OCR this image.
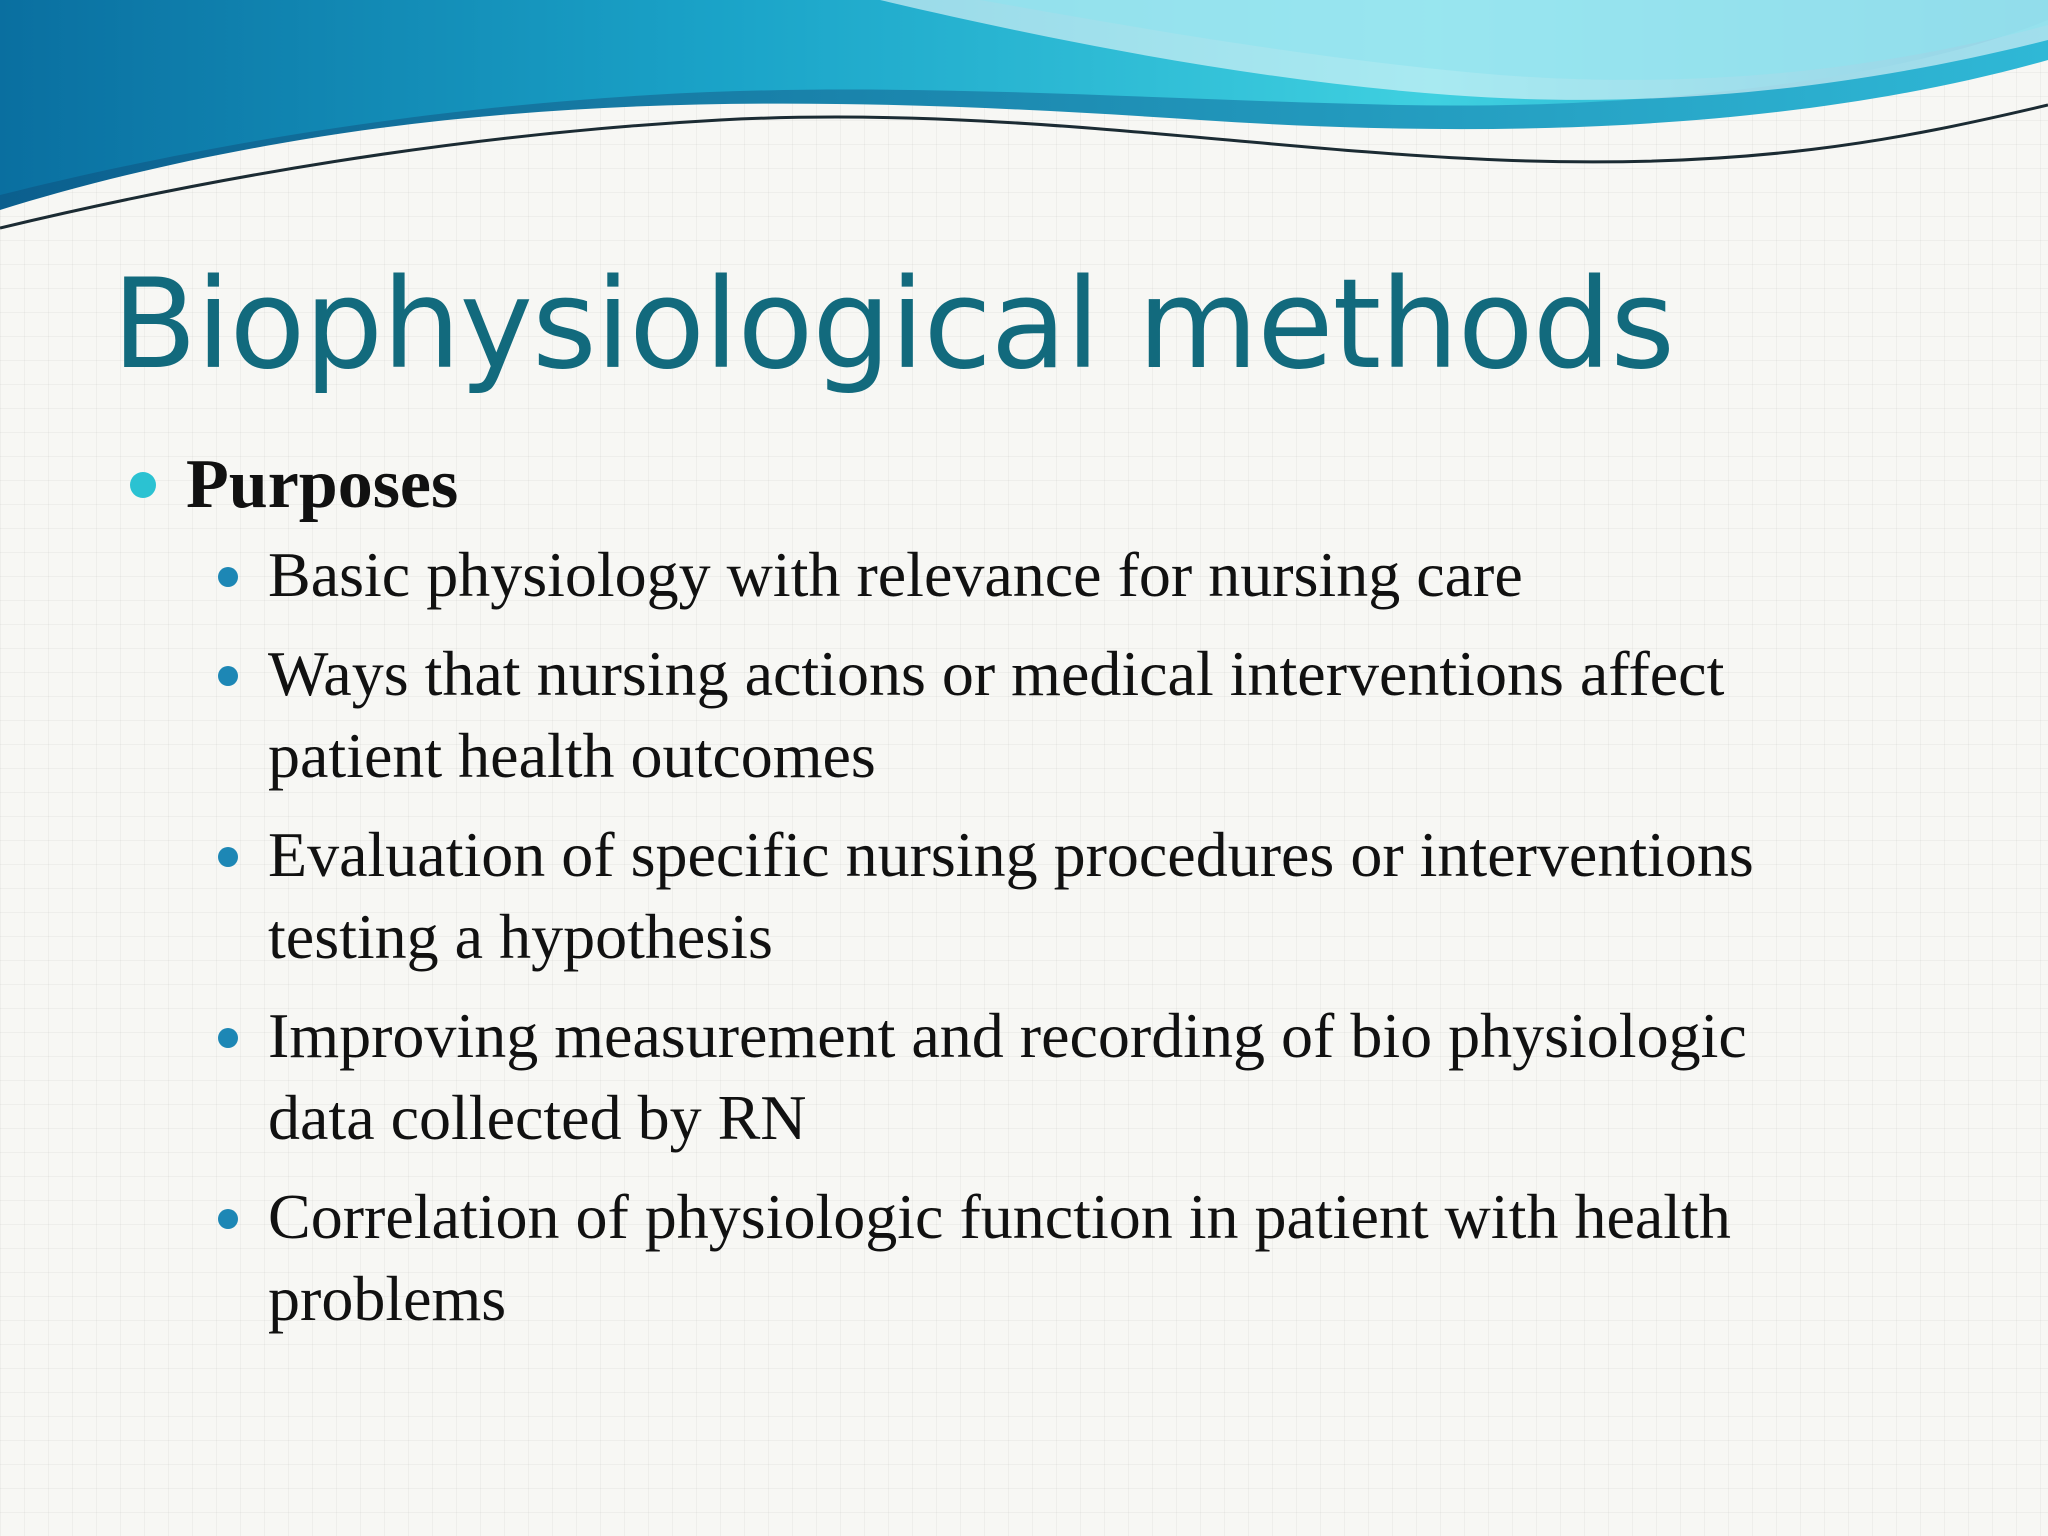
Biophysiological methods
Purposes
Basic physiology with relevance for nursing care
Ways that nursing actions or medical interventions affect patient health outcomes
Evaluation of specific nursing procedures or interventions testing a hypothesis
Improving measurement and recording of bio physiologic data collected by RN
Correlation of physiologic function in patient with health problems
